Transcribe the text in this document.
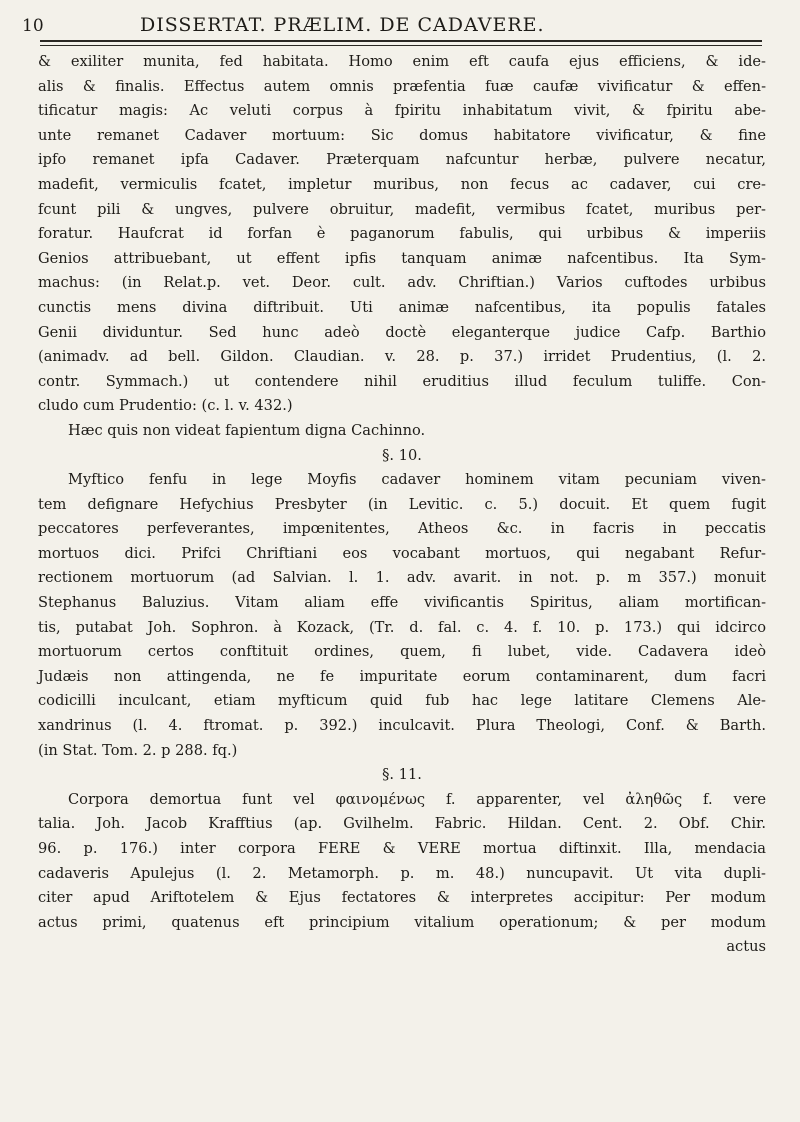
10	DISSERTAT. PRÆLIM. DE CADAVERE.
& exiliter munita, fed habitata. Homo enim eft caufa ejus efficiens, & ide-
alis & finalis. Effectus autem omnis præfentia fuæ caufæ vivificatur & effen-
tificatur magis: Ac veluti corpus à fpiritu inhabitatum vivit, & fpiritu abe-
unte remanet Cadaver mortuum: Sic domus habitatore vivificatur, & fine
ipfo remanet ipfa Cadaver. Præterquam nafcuntur herbæ, pulvere necatur,
madefit, vermiculis fcatet, impletur muribus, non fecus ac cadaver, cui cre-
fcunt pili & ungves, pulvere obruitur, madefit, vermibus fcatet, muribus per-
foratur. Haufcrat id forfan è paganorum fabulis, qui urbibus & imperiis
Genios attribuebant, ut effent ipfis tanquam animæ nafcentibus. Ita Sym-
machus: (in Relat.p. vet. Deor. cult. adv. Chriftian.) Varios cuftodes urbibus
cunctis mens divina diftribuit. Uti animæ nafcentibus, ita populis fatales
Genii dividuntur. Sed hunc adeò doctè eleganterque judice Cafp. Barthio
(animadv. ad bell. Gildon. Claudian. v. 28. p. 37.) irridet Prudentius, (l. 2.
contr. Symmach.) ut contendere nihil eruditius illud feculum tuliffe. Con-
cludo cum Prudentio: (c. l. v. 432.)
Hæc quis non videat fapientum digna Cachinno.
§. 10.
Myftico fenfu in lege Moyfis cadaver hominem vitam pecuniam viven-
tem defignare Hefychius Presbyter (in Levitic. c. 5.) docuit. Et quem fugit
peccatores perfeverantes, impœnitentes, Atheos &c. in facris in peccatis
mortuos dici. Prifci Chriftiani eos vocabant mortuos, qui negabant Refur-
rectionem mortuorum (ad Salvian. l. 1. adv. avarit. in not. p. m 357.) monuit
Stephanus Baluzius. Vitam aliam effe vivificantis Spiritus, aliam mortifican-
tis, putabat Joh. Sophron. à Kozack, (Tr. d. fal. c. 4. f. 10. p. 173.) qui idcirco
mortuorum certos conftituit ordines, quem, fi lubet, vide. Cadavera ideò
Judæis non attingenda, ne fe impuritate eorum contaminarent, dum facri
codicilli inculcant, etiam myfticum quid fub hac lege latitare Clemens Ale-
xandrinus (l. 4. ftromat. p. 392.) inculcavit. Plura Theologi, Conf. & Barth.
(in Stat. Tom. 2. p 288. fq.)
§. 11.
Corpora demortua funt vel φαινομένως f. apparenter, vel ἀληθῶς f. vere
talia. Joh. Jacob Krafftius (ap. Gvilhelm. Fabric. Hildan. Cent. 2. Obf. Chir.
96. p. 176.) inter corpora FERE & VERE mortua diftinxit. Illa, mendacia
cadaveris Apulejus (l. 2. Metamorph. p. m. 48.) nuncupavit. Ut vita dupli-
citer apud Ariftotelem & Ejus fectatores & interpretes accipitur: Per modum
actus primi, quatenus eft principium vitalium operationum; & per modum
actus
